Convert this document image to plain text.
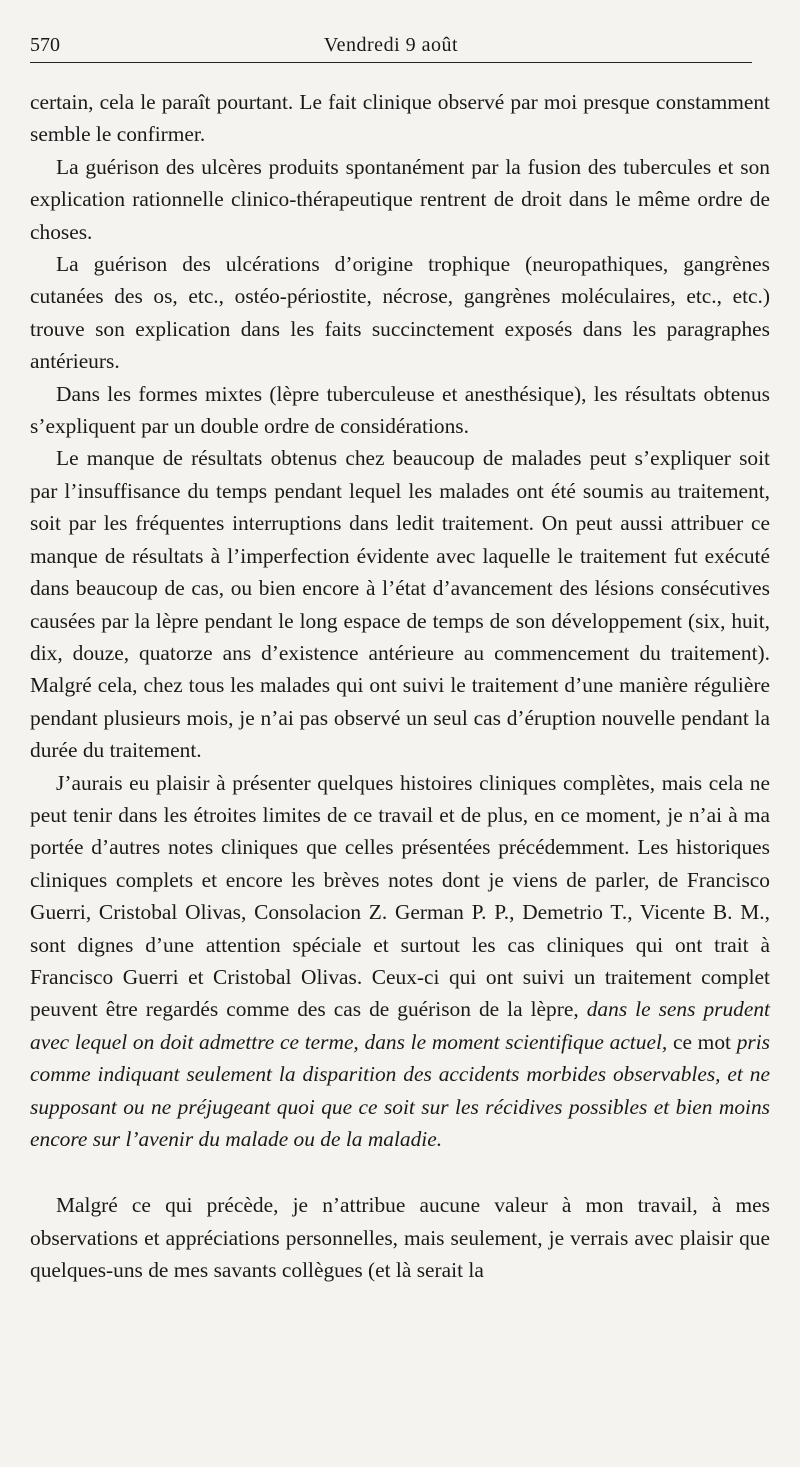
570	Vendredi 9 août

certain, cela le paraît pourtant. Le fait clinique observé par moi presque constamment semble le confirmer.

La guérison des ulcères produits spontanément par la fusion des tubercules et son explication rationnelle clinico-thérapeutique rentrent de droit dans le même ordre de choses.

La guérison des ulcérations d’origine trophique (neuropathiques, gangrènes cutanées des os, etc., ostéo-périostite, nécrose, gangrènes moléculaires, etc., etc.) trouve son explication dans les faits succinctement exposés dans les paragraphes antérieurs.

Dans les formes mixtes (lèpre tuberculeuse et anesthésique), les résultats obtenus s’expliquent par un double ordre de considérations.

Le manque de résultats obtenus chez beaucoup de malades peut s’expliquer soit par l’insuffisance du temps pendant lequel les malades ont été soumis au traitement, soit par les fréquentes interruptions dans ledit traitement. On peut aussi attribuer ce manque de résultats à l’imperfection évidente avec laquelle le traitement fut exécuté dans beaucoup de cas, ou bien encore à l’état d’avancement des lésions consécutives causées par la lèpre pendant le long espace de temps de son développement (six, huit, dix, douze, quatorze ans d’existence antérieure au commencement du traitement). Malgré cela, chez tous les malades qui ont suivi le traitement d’une manière régulière pendant plusieurs mois, je n’ai pas observé un seul cas d’éruption nouvelle pendant la durée du traitement.

J’aurais eu plaisir à présenter quelques histoires cliniques complètes, mais cela ne peut tenir dans les étroites limites de ce travail et de plus, en ce moment, je n’ai à ma portée d’autres notes cliniques que celles présentées précédemment. Les historiques cliniques complets et encore les brèves notes dont je viens de parler, de Francisco Guerri, Cristobal Olivas, Consolacion Z. German P. P., Demetrio T., Vicente B. M., sont dignes d’une attention spéciale et surtout les cas cliniques qui ont trait à Francisco Guerri et Cristobal Olivas. Ceux-ci qui ont suivi un traitement complet peuvent être regardés comme des cas de guérison de la lèpre, dans le sens prudent avec lequel on doit admettre ce terme, dans le moment scientifique actuel, ce mot pris comme indiquant seulement la disparition des accidents morbides observables, et ne supposant ou ne préjugeant quoi que ce soit sur les récidives possibles et bien moins encore sur l’avenir du malade ou de la maladie.

Malgré ce qui précède, je n’attribue aucune valeur à mon travail, à mes observations et appréciations personnelles, mais seulement, je verrais avec plaisir que quelques-uns de mes savants collègues (et là serait la
